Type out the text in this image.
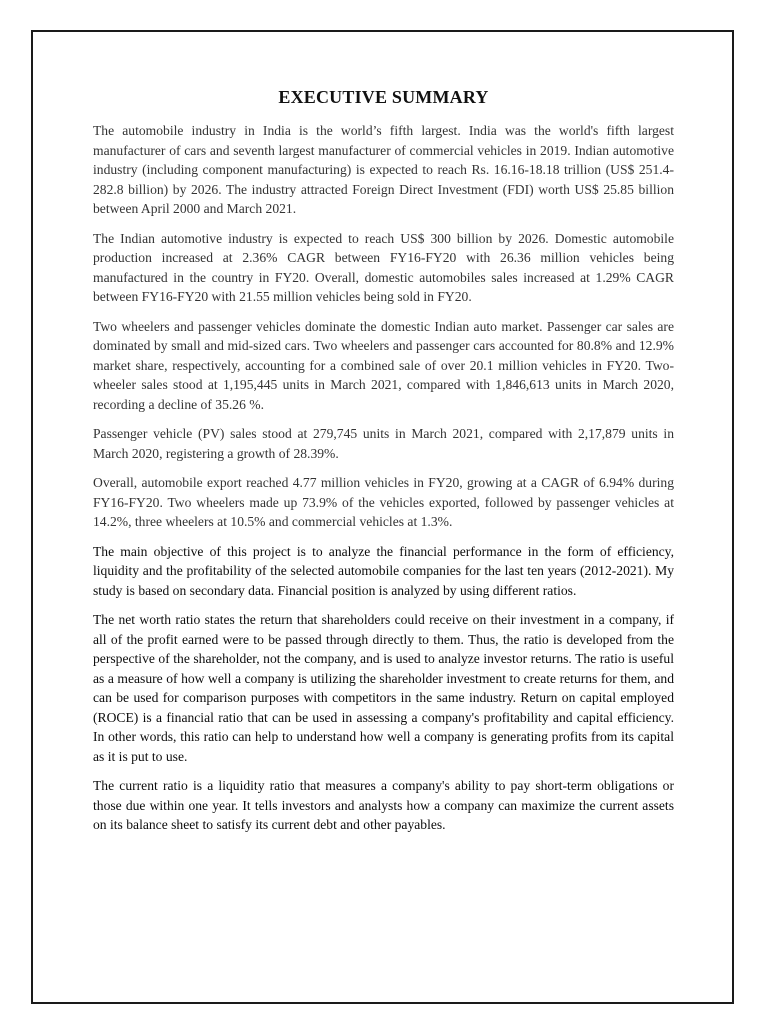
EXECUTIVE SUMMARY

The automobile industry in India is the world’s fifth largest. India was the world's fifth largest manufacturer of cars and seventh largest manufacturer of commercial vehicles in 2019. Indian automotive industry (including component manufacturing) is expected to reach Rs. 16.16-18.18 trillion (US$ 251.4-282.8 billion) by 2026. The industry attracted Foreign Direct Investment (FDI) worth US$ 25.85 billion between April 2000 and March 2021.

The Indian automotive industry is expected to reach US$ 300 billion by 2026. Domestic automobile production increased at 2.36% CAGR between FY16-FY20 with 26.36 million vehicles being manufactured in the country in FY20. Overall, domestic automobiles sales increased at 1.29% CAGR between FY16-FY20 with 21.55 million vehicles being sold in FY20.

Two wheelers and passenger vehicles dominate the domestic Indian auto market. Passenger car sales are dominated by small and mid-sized cars. Two wheelers and passenger cars accounted for 80.8% and 12.9% market share, respectively, accounting for a combined sale of over 20.1 million vehicles in FY20. Two-wheeler sales stood at 1,195,445 units in March 2021, compared with 1,846,613 units in March 2020, recording a decline of 35.26 %.

Passenger vehicle (PV) sales stood at 279,745 units in March 2021, compared with 2,17,879 units in March 2020, registering a growth of 28.39%.

Overall, automobile export reached 4.77 million vehicles in FY20, growing at a CAGR of 6.94% during FY16-FY20. Two wheelers made up 73.9% of the vehicles exported, followed by passenger vehicles at 14.2%, three wheelers at 10.5% and commercial vehicles at 1.3%.

The main objective of this project is to analyze the financial performance in the form of efficiency, liquidity and the profitability of the selected automobile companies for the last ten years (2012-2021). My study is based on secondary data. Financial position is analyzed by using different ratios.

The net worth ratio states the return that shareholders could receive on their investment in a company, if all of the profit earned were to be passed through directly to them. Thus, the ratio is developed from the perspective of the shareholder, not the company, and is used to analyze investor returns. The ratio is useful as a measure of how well a company is utilizing the shareholder investment to create returns for them, and can be used for comparison purposes with competitors in the same industry. Return on capital employed (ROCE) is a financial ratio that can be used in assessing a company's profitability and capital efficiency. In other words, this ratio can help to understand how well a company is generating profits from its capital as it is put to use.

The current ratio is a liquidity ratio that measures a company's ability to pay short-term obligations or those due within one year. It tells investors and analysts how a company can maximize the current assets on its balance sheet to satisfy its current debt and other payables.
